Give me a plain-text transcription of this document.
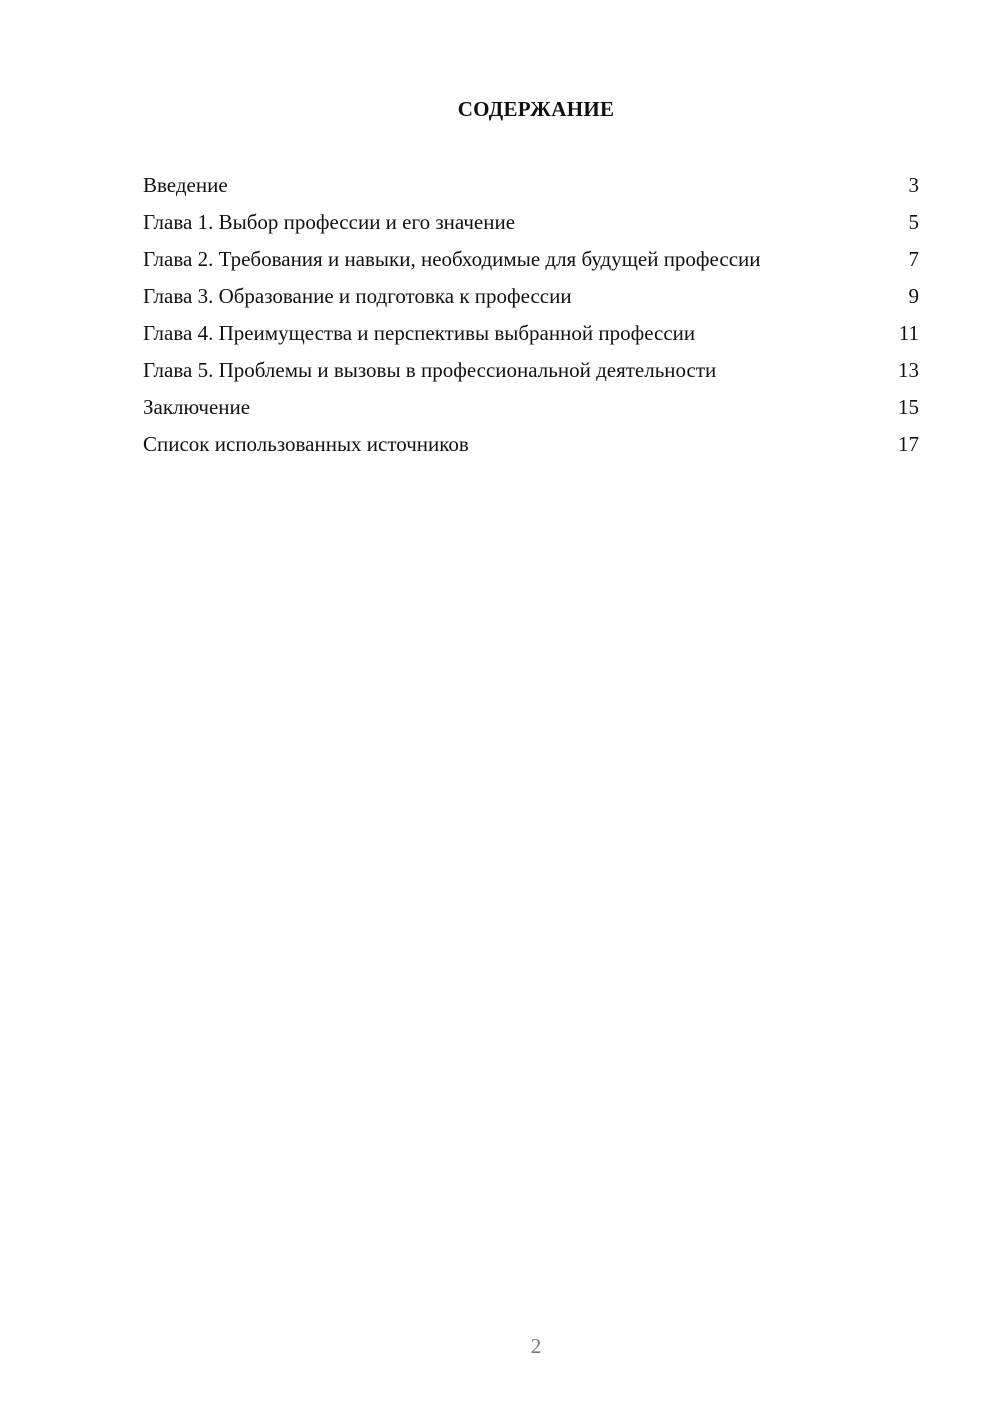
СОДЕРЖАНИЕ
Введение	3
Глава 1. Выбор профессии и его значение	5
Глава 2. Требования и навыки, необходимые для будущей профессии	7
Глава 3. Образование и подготовка к профессии	9
Глава 4. Преимущества и перспективы выбранной профессии	11
Глава 5. Проблемы и вызовы в профессиональной деятельности	13
Заключение	15
Список использованных источников	17
2
